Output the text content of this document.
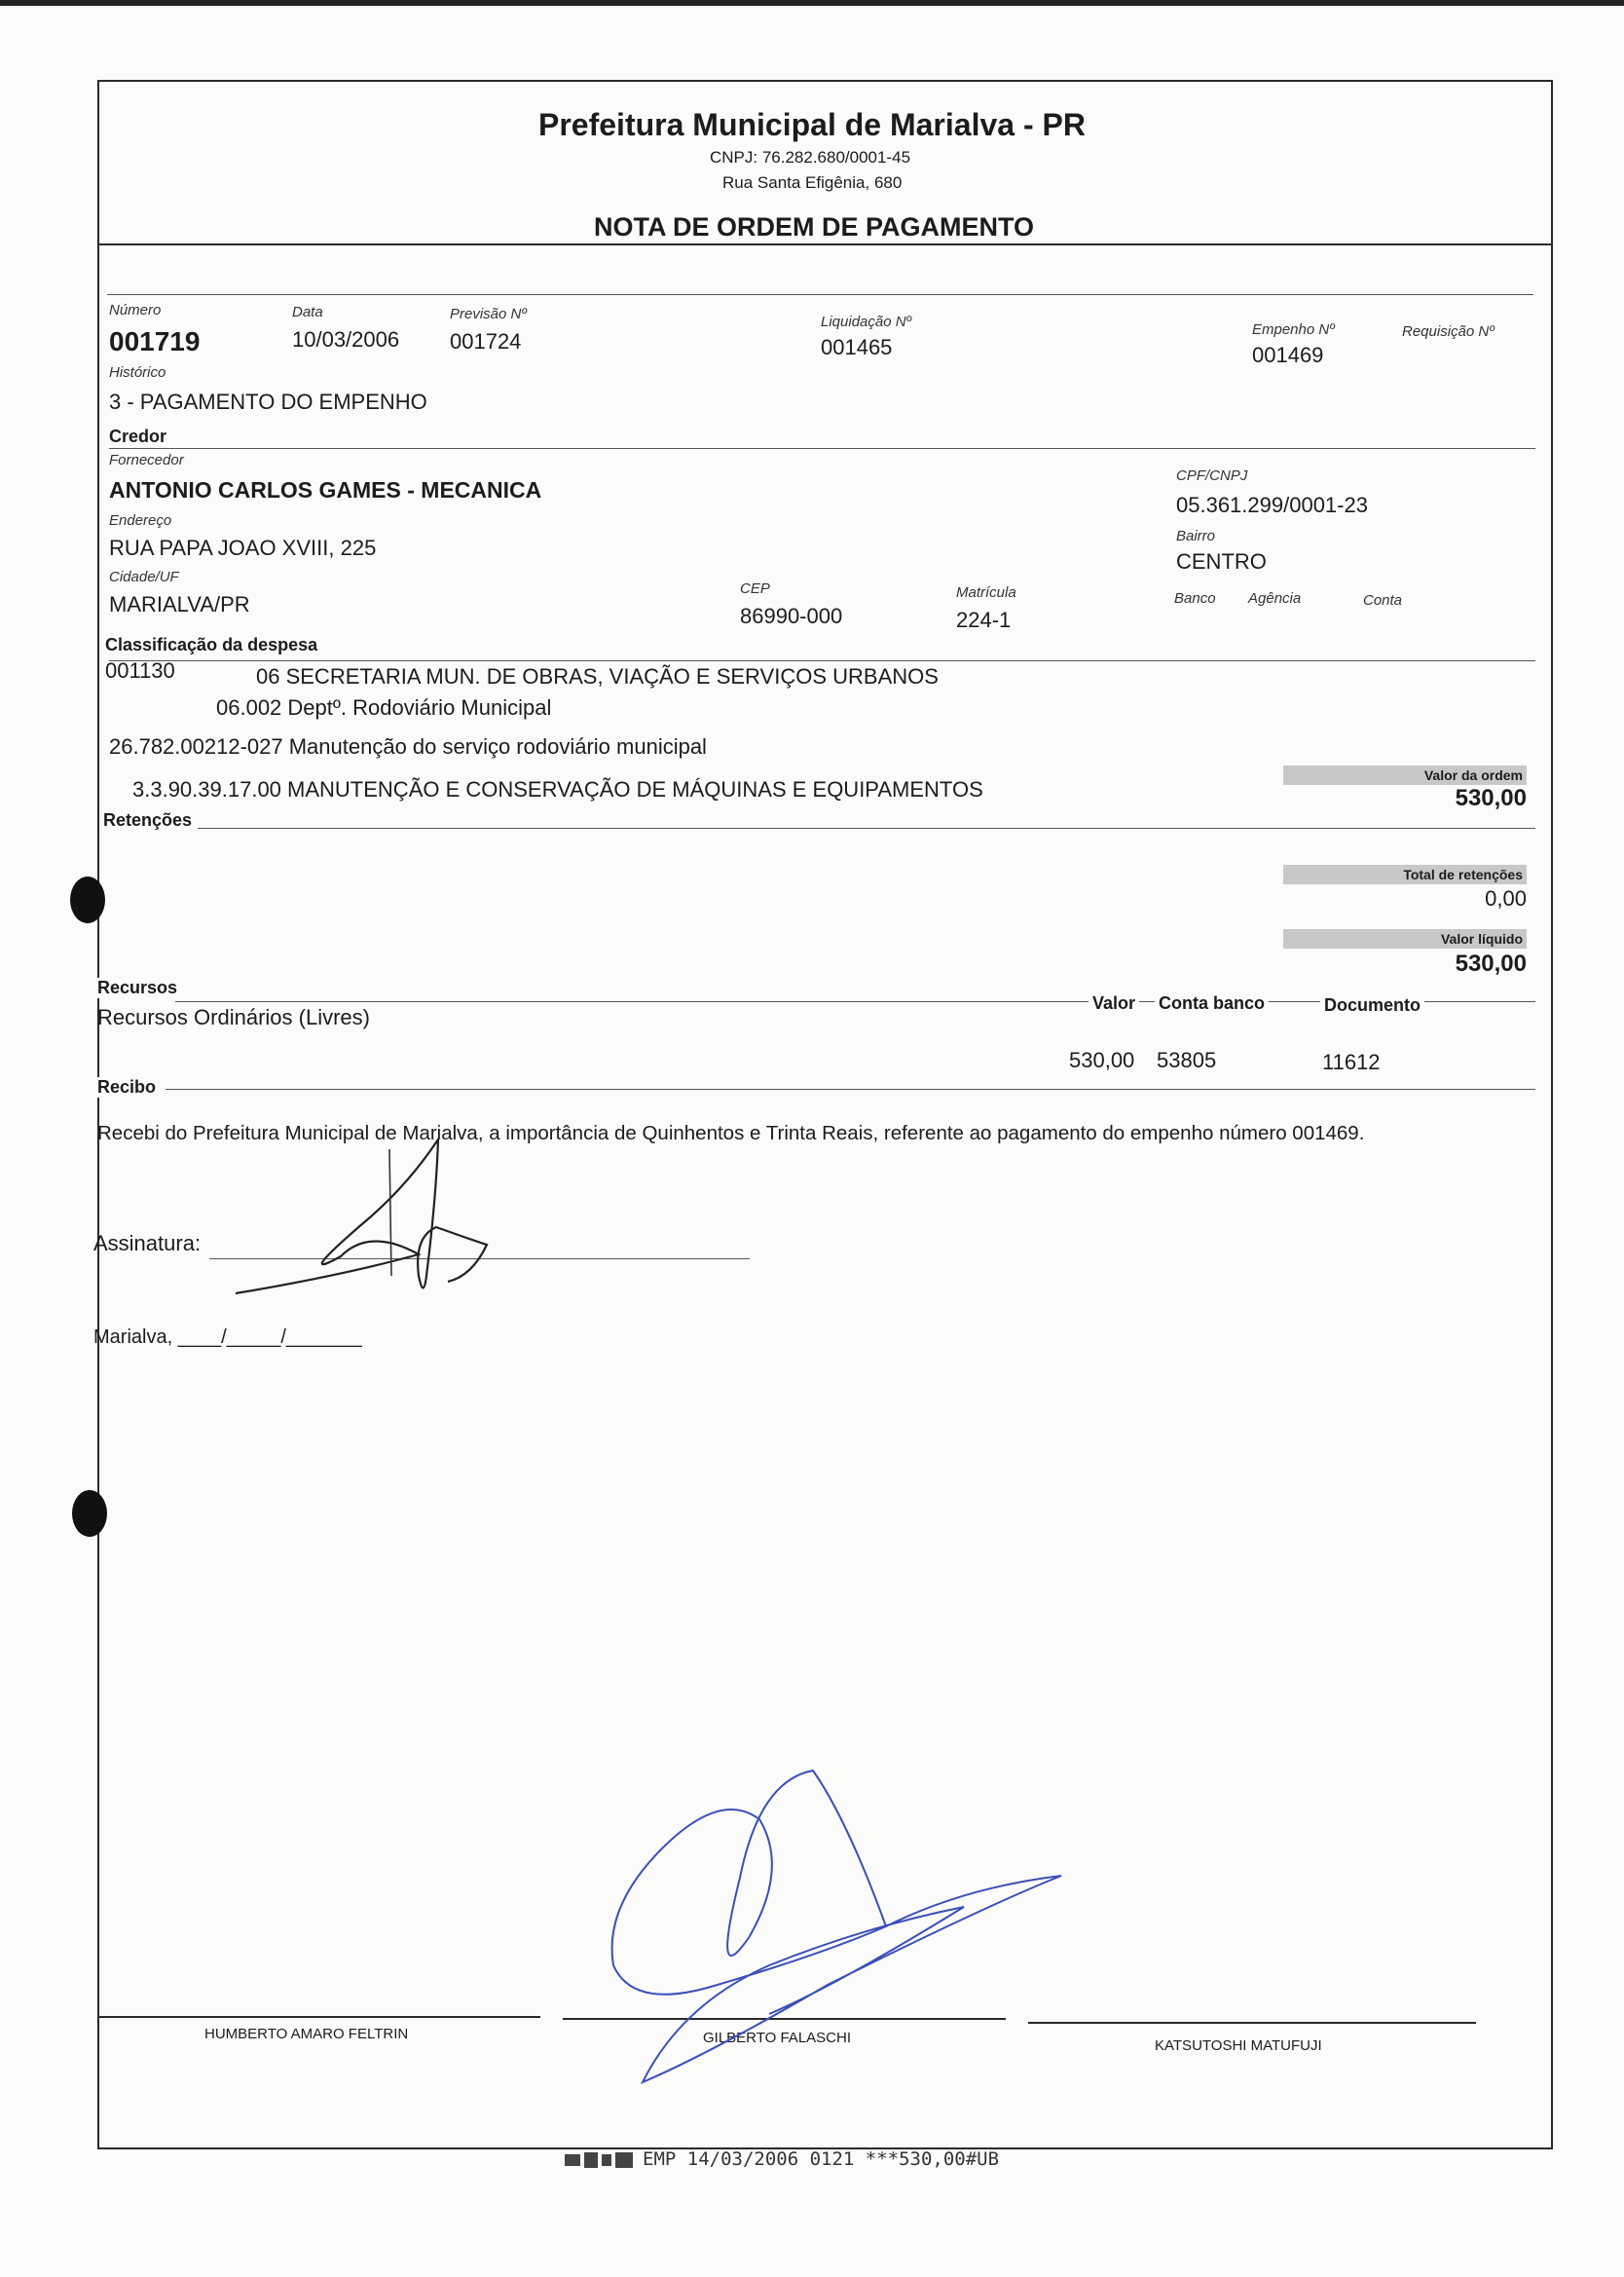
Prefeitura Municipal de Marialva - PR
CNPJ: 76.282.680/0001-45
Rua Santa Efigênia, 680
NOTA DE ORDEM DE PAGAMENTO
Número
001719
Data
10/03/2006
Previsão Nº
001724
Liquidação Nº
001465
Empenho Nº
001469
Requisição Nº
Histórico
3 - PAGAMENTO DO EMPENHO
Credor
Fornecedor
ANTONIO CARLOS GAMES - MECANICA
CPF/CNPJ
05.361.299/0001-23
Endereço
RUA PAPA JOAO XVIII, 225	Bairro
CENTRO
Cidade/UF
MARIALVA/PR
CEP
86990-000
Matrícula
224-1
Banco Agência	Conta
Classificação da despesa
001130	06 SECRETARIA MUN. DE OBRAS, VIAÇÃO E SERVIÇOS URBANOS
06.002 Deptº. Rodoviário Municipal
26.782.00212-027 Manutenção do serviço rodoviário municipal
3.3.90.39.17.00 MANUTENÇÃO E CONSERVAÇÃO DE MÁQUINAS E EQUIPAMENTOS
Valor da ordem
530,00
Retenções
Total de retenções
0,00
Valor líquido
530,00
Recursos
Recursos Ordinários (Livres)
Valor Conta banco	Documento
530,00 53805	11612
Recibo
Recebi do Prefeitura Municipal de Marialva, a importância de Quinhentos e Trinta Reais, referente ao pagamento do empenho número 001469.
Assinatura:
Marialva, ____/_____/_______
HUMBERTO AMARO FELTRIN	GILBERTO FALASCHI	KATSUTOSHI MATUFUJI
EMP 14/03/2006 0121 ***530,00#UB
